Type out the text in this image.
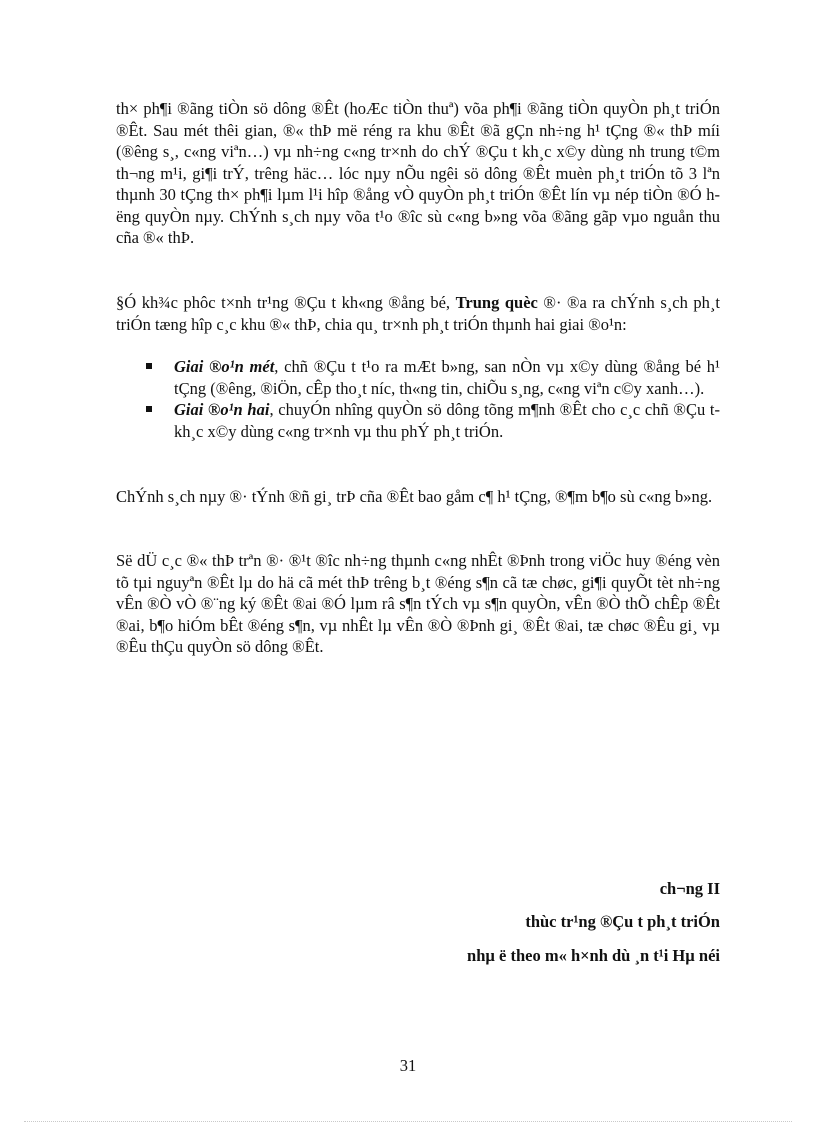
th× ph¶i ®ãng tiÒn sö dông ®Êt (hoÆc tiÒn thuª) võa ph¶i ®ãng tiÒn quyÒn ph¸t triÓn ®Êt. Sau mét thêi gian, ®« thÞ më réng ra khu ®Êt ®ã gÇn nh÷ng h¹ tÇng ®« thÞ míi (®êng s¸, c«ng viªn…) vµ nh÷ng c«ng tr×nh do chÝ ®Çu t kh¸c x©y dùng nh trung t©m th¬ng m¹i, gi¶i trÝ, trêng häc… lóc nµy nÕu ngêi sö dông ®Êt muèn ph¸t triÓn tõ 3 lªn thµnh 30 tÇng th× ph¶i lµm l¹i hîp ®ång vÒ quyÒn ph¸t triÓn ®Êt lín vµ nép tiÒn ®Ó hëng quyÒn nµy. ChÝnh s¸ch nµy võa t¹o ®îc sù c«ng b»ng võa ®ãng gãp vµo nguån thu cña ®« thÞ.
§Ó kh¾c phôc t×nh tr¹ng ®Çu t kh«ng ®ång bé, Trung quèc ®· ®a ra chÝnh s¸ch ph¸t triÓn tæng hîp c¸c khu ®« thÞ, chia qu¸ tr×nh ph¸t triÓn thµnh hai giai ®o¹n:
Giai ®o¹n mét, chñ ®Çu t t¹o ra mÆt b»ng, san nÒn vµ x©y dùng ®ång bé h¹ tÇng (®êng, ®iÖn, cÊp tho¸t níc, th«ng tin, chiÕu s¸ng, c«ng viªn c©y xanh…).
Giai ®o¹n hai, chuyÓn nhîng quyÒn sö dông tõng m¶nh ®Êt cho c¸c chñ ®Çu t kh¸c x©y dùng c«ng tr×nh vµ thu phÝ ph¸t triÓn.
ChÝnh s¸ch nµy ®· tÝnh ®ñ gi¸ trÞ cña ®Êt bao gåm c¶ h¹ tÇng, ®¶m b¶o sù c«ng b»ng.
Së dÜ c¸c ®« thÞ trªn ®· ®¹t ®îc nh÷ng thµnh c«ng nhÊt ®Þnh trong viÖc huy ®éng vèn tõ tµi nguyªn ®Êt lµ do hä cã mét thÞ trêng b¸t ®éng s¶n cã tæ chøc, gi¶i quyÕt tèt nh÷ng vÊn ®Ò vÒ ®¨ng ký ®Êt ®ai ®Ó lµm râ s¶n tÝch vµ s¶n quyÒn, vÊn ®Ò thÕ chÊp ®Êt ®ai, b¶o hiÓm bÊt ®éng s¶n, vµ nhÊt lµ vÊn ®Ò ®Þnh gi¸ ®Êt ®ai, tæ chøc ®Êu gi¸ vµ ®Êu thÇu quyÒn sö dông ®Êt.
ch¬ng II
thùc tr¹ng ®Çu t ph¸t triÓn
nhµ ë theo m« h×nh dù ¸n t¹i Hµ néi
31
